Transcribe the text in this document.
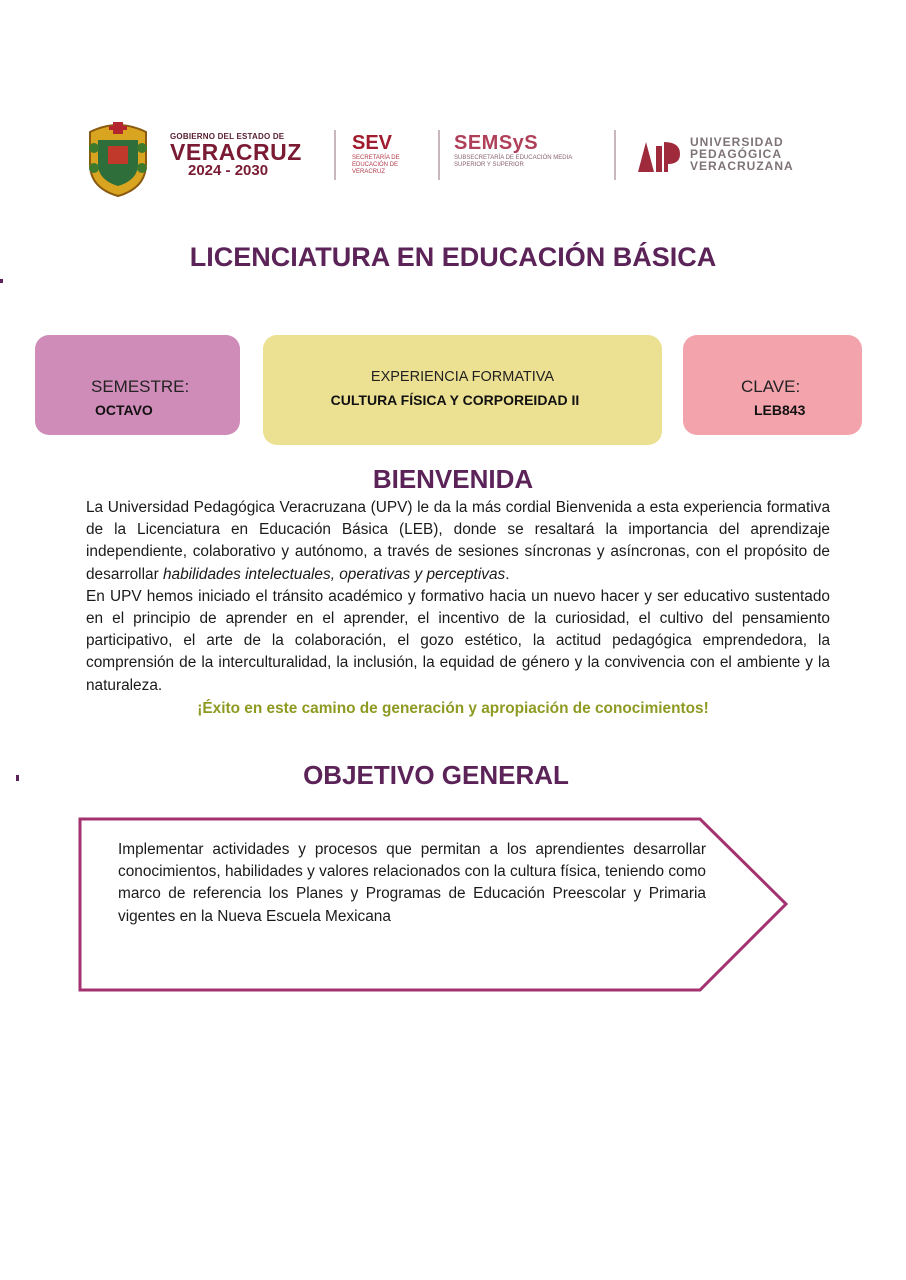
GOBIERNO DEL ESTADO DE
VERACRUZ
2024 - 2030
SEV
SECRETARÍA DE EDUCACIÓN DE VERACRUZ
SEMSyS
SUBSECRETARÍA DE EDUCACIÓN MEDIA SUPERIOR Y SUPERIOR
UNIVERSIDAD
PEDAGÓGICA
VERACRUZANA
LICENCIATURA EN EDUCACIÓN BÁSICA
SEMESTRE:
OCTAVO
EXPERIENCIA FORMATIVA
CULTURA FÍSICA Y CORPOREIDAD II
CLAVE:
LEB843
BIENVENIDA

La Universidad Pedagógica Veracruzana (UPV) le da la más cordial Bienvenida a esta experiencia formativa de la Licenciatura en Educación Básica (LEB), donde se resaltará la importancia del aprendizaje independiente, colaborativo y autónomo, a través de sesiones síncronas y asíncronas, con el propósito de desarrollar habilidades intelectuales, operativas y perceptivas.

En UPV hemos iniciado el tránsito académico y formativo hacia un nuevo hacer y ser educativo sustentado en el principio de aprender en el aprender, el incentivo de la curiosidad, el cultivo del pensamiento participativo, el arte de la colaboración, el gozo estético, la actitud pedagógica emprendedora, la comprensión de la interculturalidad, la inclusión, la equidad de género y la convivencia con el ambiente y la naturaleza.

¡Éxito en este camino de generación y apropiación de conocimientos!
OBJETIVO GENERAL
Implementar actividades y procesos que permitan a los aprendientes desarrollar conocimientos, habilidades y valores relacionados con la cultura física, teniendo como marco de referencia los Planes y Programas de Educación Preescolar y Primaria vigentes en la Nueva Escuela Mexicana
